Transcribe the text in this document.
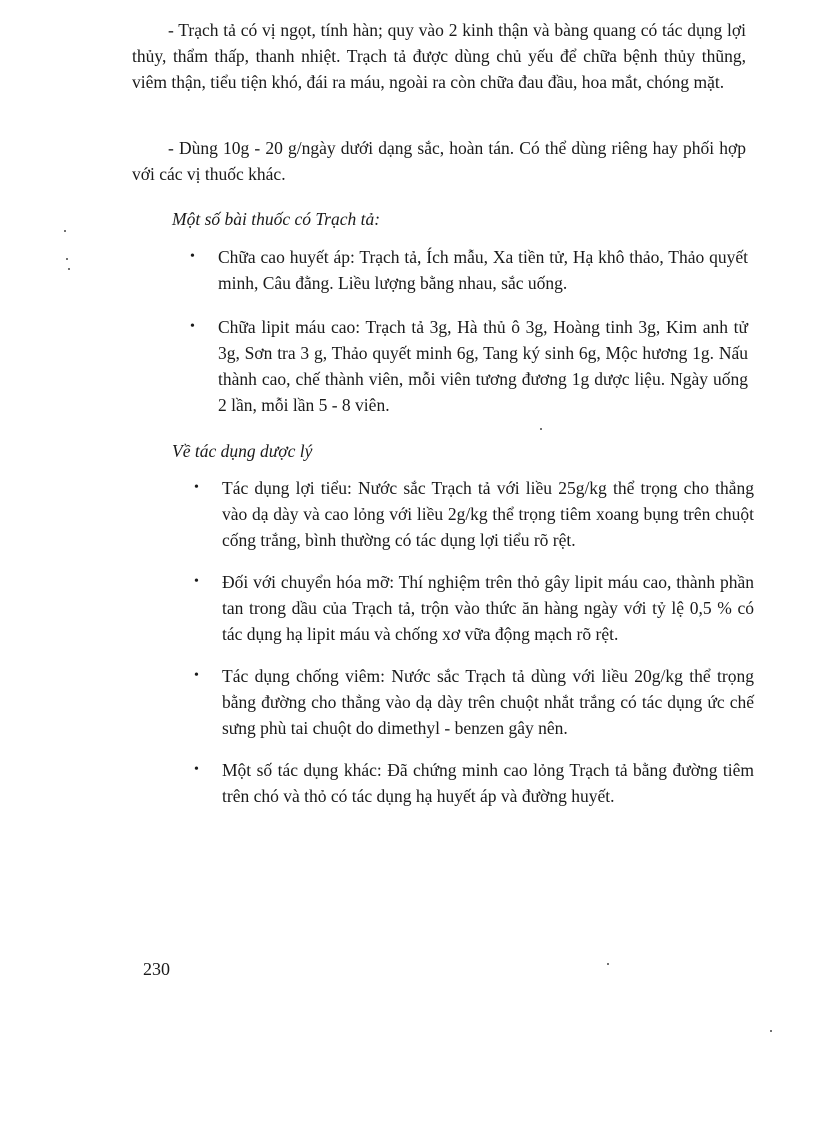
- Trạch tả có vị ngọt, tính hàn; quy vào 2 kinh thận và bàng quang có tác dụng lợi thủy, thẩm thấp, thanh nhiệt. Trạch tả được dùng chủ yếu để chữa bệnh thủy thũng, viêm thận, tiểu tiện khó, đái ra máu, ngoài ra còn chữa đau đầu, hoa mắt, chóng mặt.

- Dùng 10g - 20 g/ngày dưới dạng sắc, hoàn tán. Có thể dùng riêng hay phối hợp với các vị thuốc khác.

Một số bài thuốc có Trạch tả:

• Chữa cao huyết áp: Trạch tả, Ích mẫu, Xa tiền tử, Hạ khô thảo, Thảo quyết minh, Câu đằng. Liều lượng bằng nhau, sắc uống.
• Chữa lipit máu cao: Trạch tả 3g, Hà thủ ô 3g, Hoàng tinh 3g, Kim anh tử 3g, Sơn tra 3 g, Thảo quyết minh 6g, Tang ký sinh 6g, Mộc hương 1g. Nấu thành cao, chế thành viên, mỗi viên tương đương 1g dược liệu. Ngày uống 2 lần, mỗi lần 5 - 8 viên.

Về tác dụng dược lý

• Tác dụng lợi tiểu: Nước sắc Trạch tả với liều 25g/kg thể trọng cho thẳng vào dạ dày và cao lỏng với liều 2g/kg thể trọng tiêm xoang bụng trên chuột cống trắng, bình thường có tác dụng lợi tiểu rõ rệt.
• Đối với chuyển hóa mỡ: Thí nghiệm trên thỏ gây lipit máu cao, thành phần tan trong dầu của Trạch tả, trộn vào thức ăn hàng ngày với tỷ lệ 0,5 % có tác dụng hạ lipit máu và chống xơ vữa động mạch rõ rệt.
• Tác dụng chống viêm: Nước sắc Trạch tả dùng với liều 20g/kg thể trọng bằng đường cho thẳng vào dạ dày trên chuột nhắt trắng có tác dụng ức chế sưng phù tai chuột do dimethyl - benzen gây nên.
• Một số tác dụng khác: Đã chứng minh cao lỏng Trạch tả bằng đường tiêm trên chó và thỏ có tác dụng hạ huyết áp và đường huyết.

230
